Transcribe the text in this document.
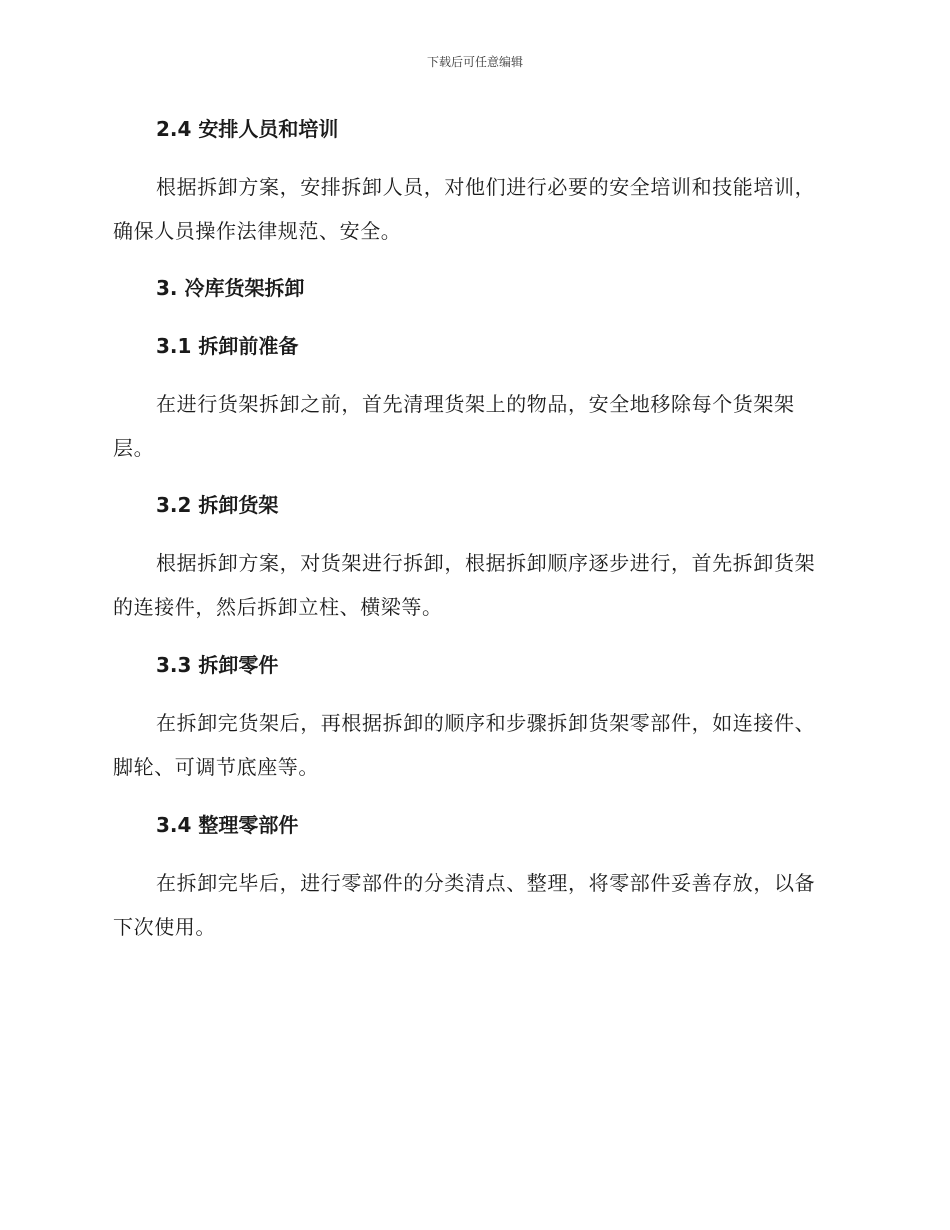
下载后可任意编辑
2.4 安排人员和培训

根据拆卸方案，安排拆卸人员，对他们进行必要的安全培训和技能培训，确保人员操作法律规范、安全。

3. 冷库货架拆卸
3.1 拆卸前准备

在进行货架拆卸之前，首先清理货架上的物品，安全地移除每个货架架层。

3.2 拆卸货架

根据拆卸方案，对货架进行拆卸，根据拆卸顺序逐步进行，首先拆卸货架的连接件，然后拆卸立柱、横梁等。

3.3 拆卸零件

在拆卸完货架后，再根据拆卸的顺序和步骤拆卸货架零部件，如连接件、脚轮、可调节底座等。

3.4 整理零部件

在拆卸完毕后，进行零部件的分类清点、整理，将零部件妥善存放，以备下次使用。
